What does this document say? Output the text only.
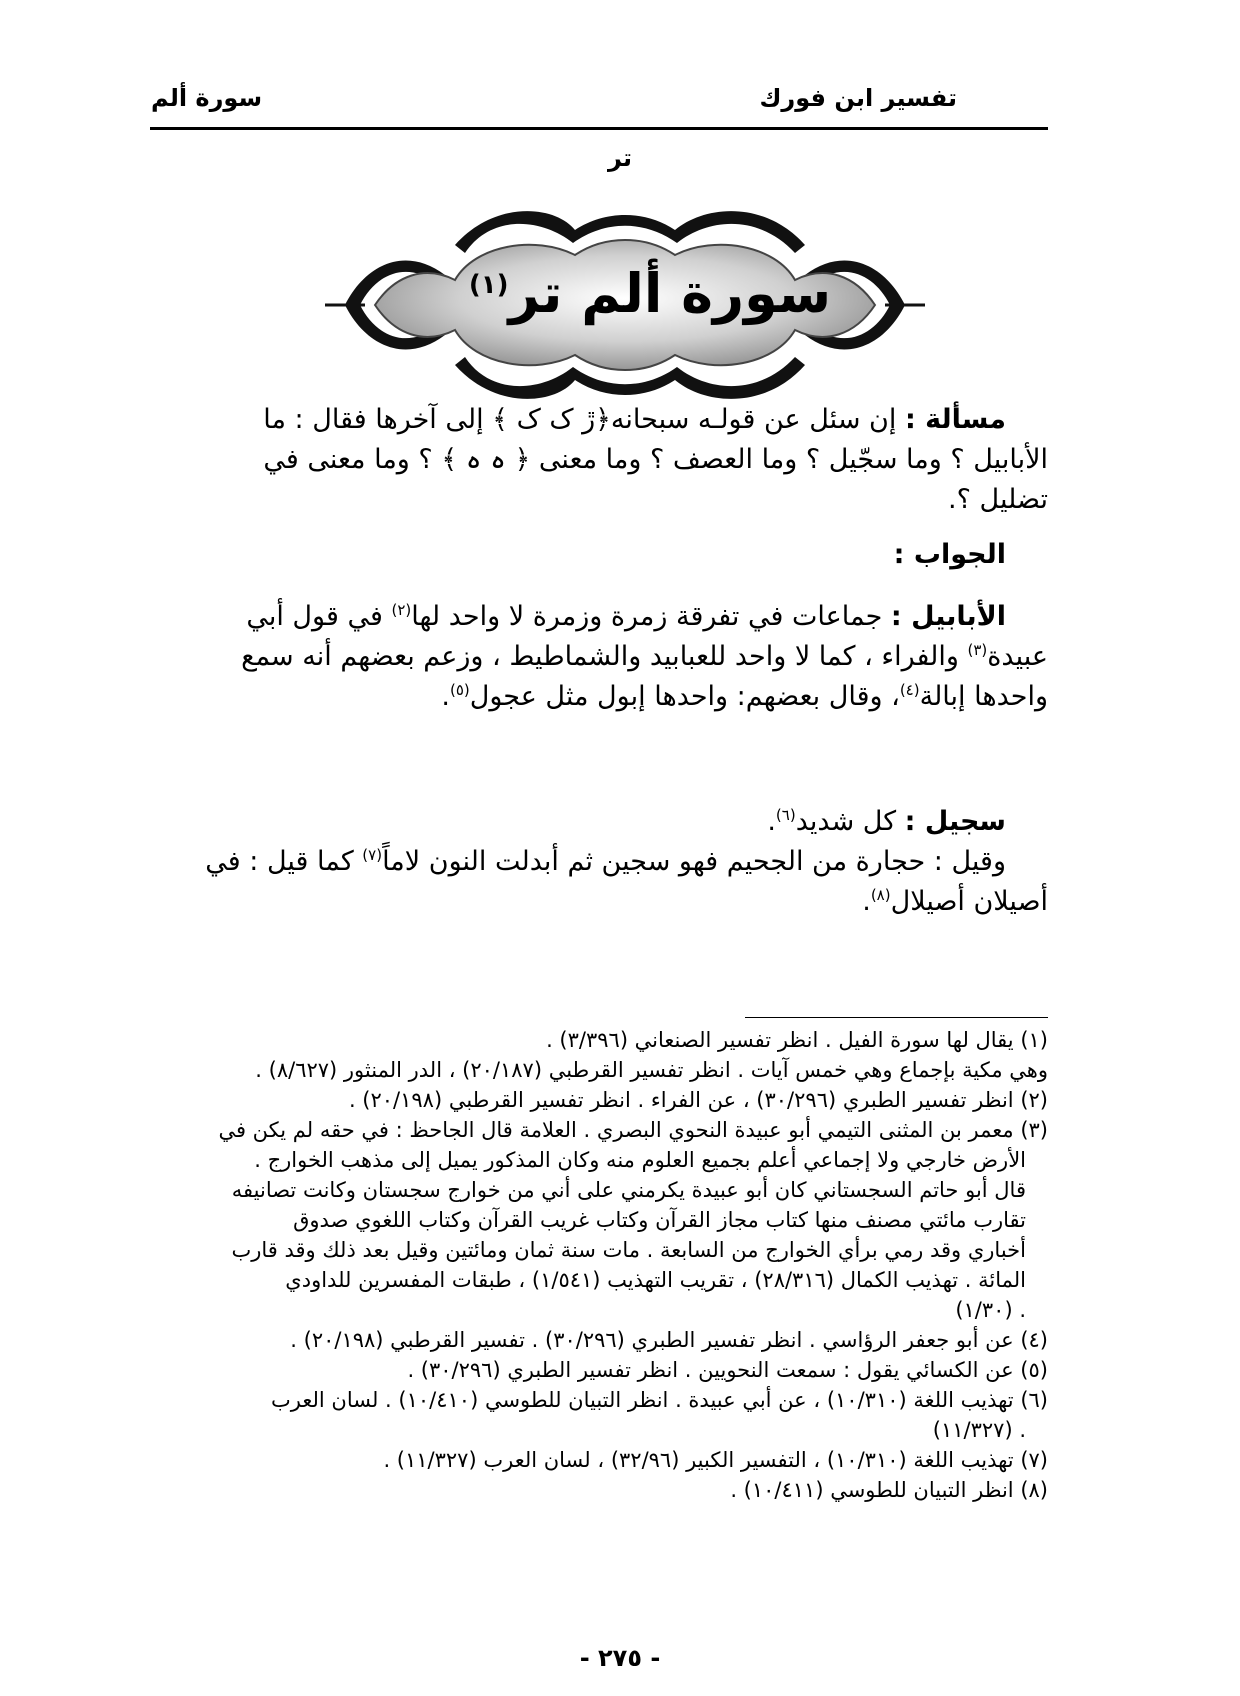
تفسير ابن فورك
سورة ألم
تر
سورة ألم تر$^{(١)}$
مسألة : إن سئل عن قولـه سبحانه﴿ڙ ک ک ﴾ إلى آخرها فقال : ما
الأبابيل ؟ وما سجّيل ؟ وما العصف ؟ وما معنى ﴿ ہ ہ ﴾ ؟ وما معنى في
تضليل ؟.
الجواب :
الأبابيل : جماعات في تفرقة زمرة وزمرة لا واحد لها$^{(٢)}$ في قول أبي
عبيدة$^{(٣)}$ والفراء ، كما لا واحد للعبابيد والشماطيط ، وزعم بعضهم أنه سمع
واحدها إبالة$^{(٤)}$، وقال بعضهم: واحدها إبول مثل عجول$^{(٥)}$.
سجيل : كل شديد$^{(٦)}$.
وقيل : حجارة من الجحيم فهو سجين ثم أبدلت النون لاماً$^{(٧)}$ كما قيل : في
أصيلان أصيلال$^{(٨)}$.
(١) يقال لها سورة الفيل . انظر تفسير الصنعاني (٣/٣٩٦) .
وهي مكية بإجماع وهي خمس آيات . انظر تفسير القرطبي (٢٠/١٨٧) ، الدر المنثور (٨/٦٢٧) .
(٢) انظر تفسير الطبري (٣٠/٢٩٦) ، عن الفراء . انظر تفسير القرطبي (٢٠/١٩٨) .
(٣) معمر بن المثنى التيمي أبو عبيدة النحوي البصري . العلامة قال الجاحظ : في حقه لم يكن في
الأرض خارجي ولا إجماعي أعلم بجميع العلوم منه وكان المذكور يميل إلى مذهب الخوارج .
قال أبو حاتم السجستاني كان أبو عبيدة يكرمني على أني من خوارج سجستان وكانت تصانيفه
تقارب مائتي مصنف منها كتاب مجاز القرآن وكتاب غريب القرآن وكتاب اللغوي صدوق
أخباري وقد رمي برأي الخوارج من السابعة . مات سنة ثمان ومائتين وقيل بعد ذلك وقد قارب
المائة . تهذيب الكمال (٢٨/٣١٦) ، تقريب التهذيب (١/٥٤١) ، طبقات المفسرين للداودي
(١/٣٠) .
(٤) عن أبو جعفر الرؤاسي . انظر تفسير الطبري (٣٠/٢٩٦) . تفسير القرطبي (٢٠/١٩٨) .
(٥) عن الكسائي يقول : سمعت النحويين . انظر تفسير الطبري (٣٠/٢٩٦) .
(٦) تهذيب اللغة (١٠/٣١٠) ، عن أبي عبيدة . انظر التبيان للطوسي (١٠/٤١٠) . لسان العرب
(١١/٣٢٧) .
(٧) تهذيب اللغة (١٠/٣١٠) ، التفسير الكبير (٣٢/٩٦) ، لسان العرب (١١/٣٢٧) .
(٨) انظر التبيان للطوسي (١٠/٤١١) .
- ٢٧٥ -
